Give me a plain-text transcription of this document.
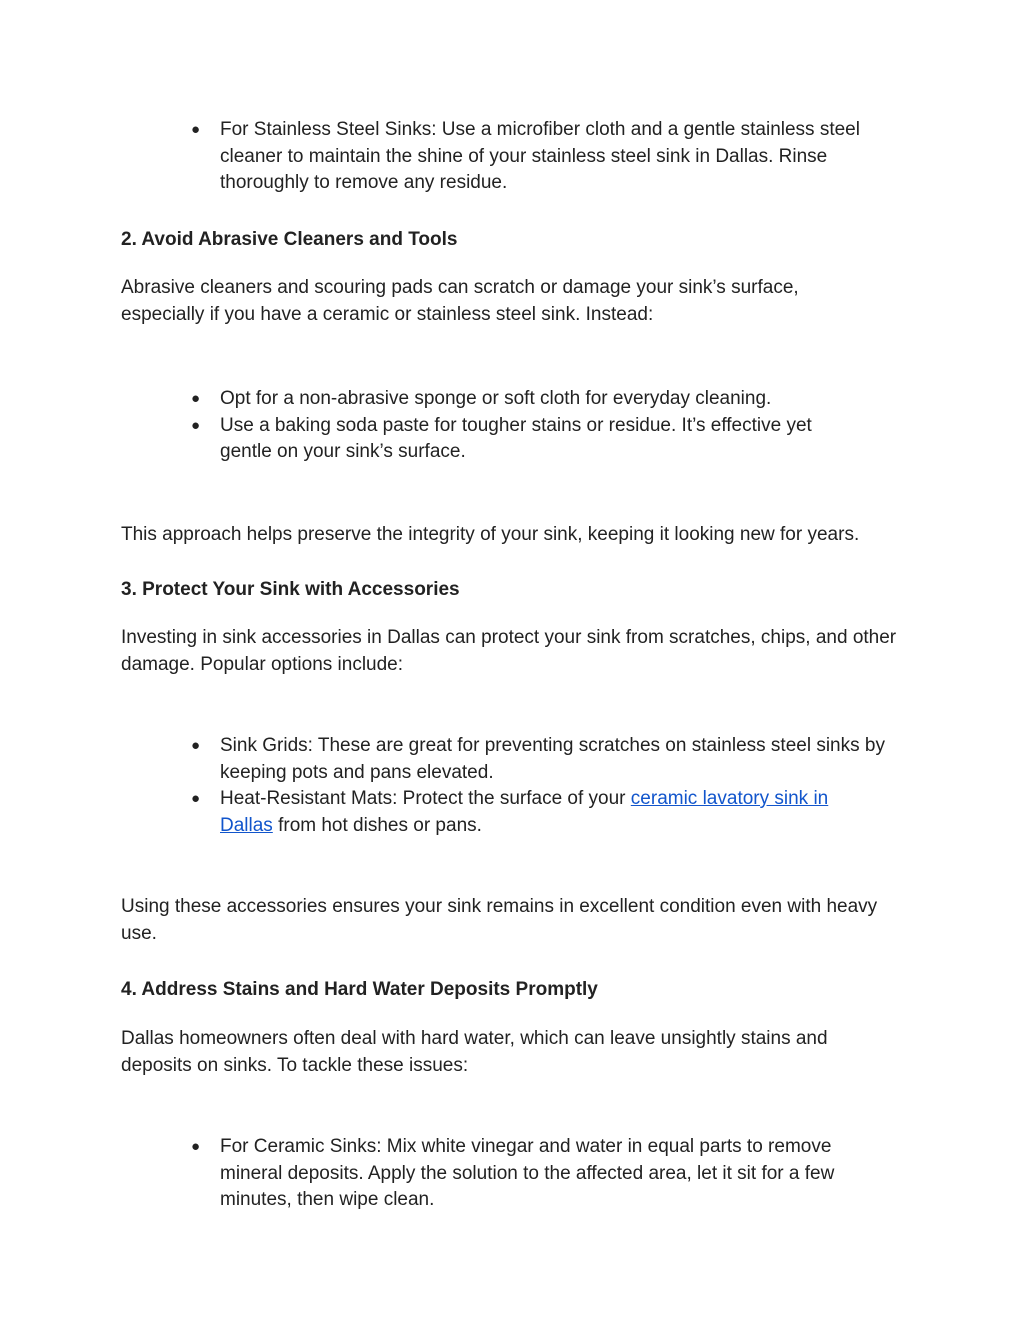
● For Stainless Steel Sinks: Use a microfiber cloth and a gentle stainless steel cleaner to maintain the shine of your stainless steel sink in Dallas. Rinse thoroughly to remove any residue.

2. Avoid Abrasive Cleaners and Tools

Abrasive cleaners and scouring pads can scratch or damage your sink’s surface, especially if you have a ceramic or stainless steel sink. Instead:

● Opt for a non-abrasive sponge or soft cloth for everyday cleaning.
● Use a baking soda paste for tougher stains or residue. It’s effective yet gentle on your sink’s surface.

This approach helps preserve the integrity of your sink, keeping it looking new for years.

3. Protect Your Sink with Accessories

Investing in sink accessories in Dallas can protect your sink from scratches, chips, and other damage. Popular options include:

● Sink Grids: These are great for preventing scratches on stainless steel sinks by keeping pots and pans elevated.
● Heat-Resistant Mats: Protect the surface of your ceramic lavatory sink in Dallas from hot dishes or pans.

Using these accessories ensures your sink remains in excellent condition even with heavy use.

4. Address Stains and Hard Water Deposits Promptly

Dallas homeowners often deal with hard water, which can leave unsightly stains and deposits on sinks. To tackle these issues:

● For Ceramic Sinks: Mix white vinegar and water in equal parts to remove mineral deposits. Apply the solution to the affected area, let it sit for a few minutes, then wipe clean.
